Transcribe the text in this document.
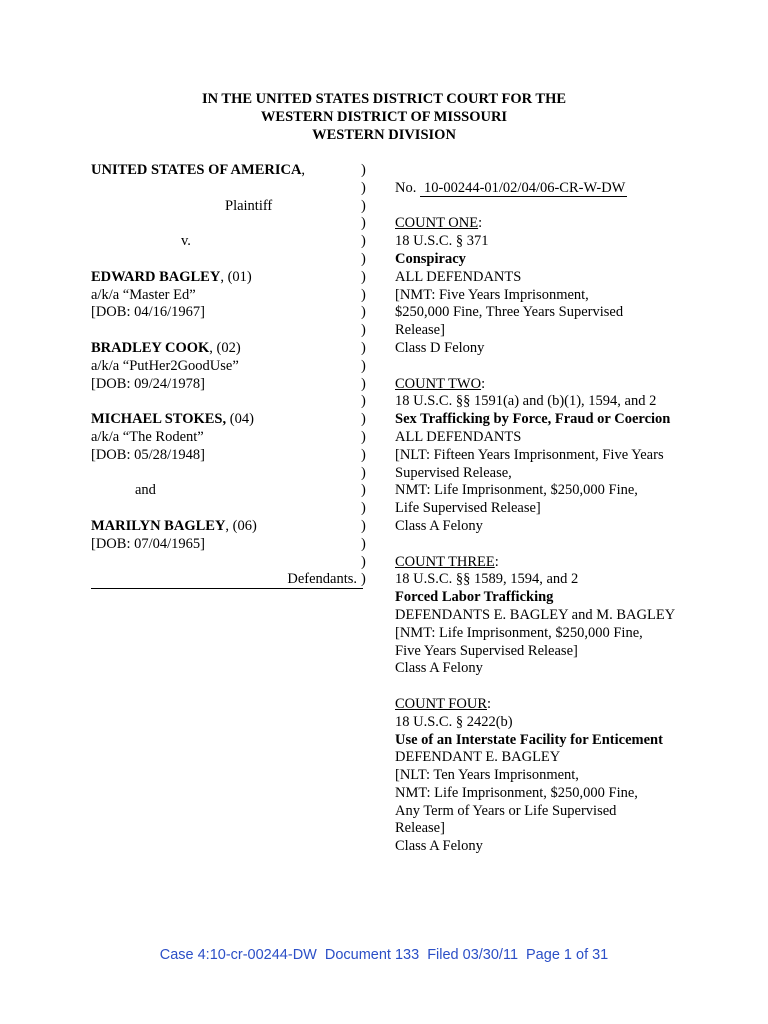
IN THE UNITED STATES DISTRICT COURT FOR THE
WESTERN DISTRICT OF MISSOURI
WESTERN DIVISION
UNITED STATES OF AMERICA,
Plaintiff
v.
EDWARD BAGLEY, (01)
a/k/a “Master Ed”
[DOB: 04/16/1967]
BRADLEY COOK, (02)
a/k/a “PutHer2GoodUse”
[DOB: 09/24/1978]
MICHAEL STOKES, (04)
a/k/a “The Rodent”
[DOB: 05/28/1948]
and
MARILYN BAGLEY, (06)
[DOB: 07/04/1965]
Defendants.
)
)
)
)
)
)
)
)
)
)
)
)
)
)
)
)
)
)
)
)
)
)
)
)
No. 10-00244-01/02/04/06-CR-W-DW
COUNT ONE:
18 U.S.C. § 371
Conspiracy
ALL DEFENDANTS
[NMT: Five Years Imprisonment,
$250,000 Fine, Three Years Supervised
Release]
Class D Felony
COUNT TWO:
18 U.S.C. §§ 1591(a) and (b)(1), 1594, and 2
Sex Trafficking by Force, Fraud or Coercion
ALL DEFENDANTS
[NLT: Fifteen Years Imprisonment, Five Years
Supervised Release,
NMT: Life Imprisonment, $250,000 Fine,
Life Supervised Release]
Class A Felony
COUNT THREE:
18 U.S.C. §§ 1589, 1594, and 2
Forced Labor Trafficking
DEFENDANTS E. BAGLEY and M. BAGLEY
[NMT: Life Imprisonment, $250,000 Fine,
Five Years Supervised Release]
Class A Felony
COUNT FOUR:
18 U.S.C. § 2422(b)
Use of an Interstate Facility for Enticement
DEFENDANT E. BAGLEY
[NLT: Ten Years Imprisonment,
NMT: Life Imprisonment, $250,000 Fine,
Any Term of Years or Life Supervised
Release]
Class A Felony
Case 4:10-cr-00244-DW Document 133 Filed 03/30/11 Page 1 of 31
